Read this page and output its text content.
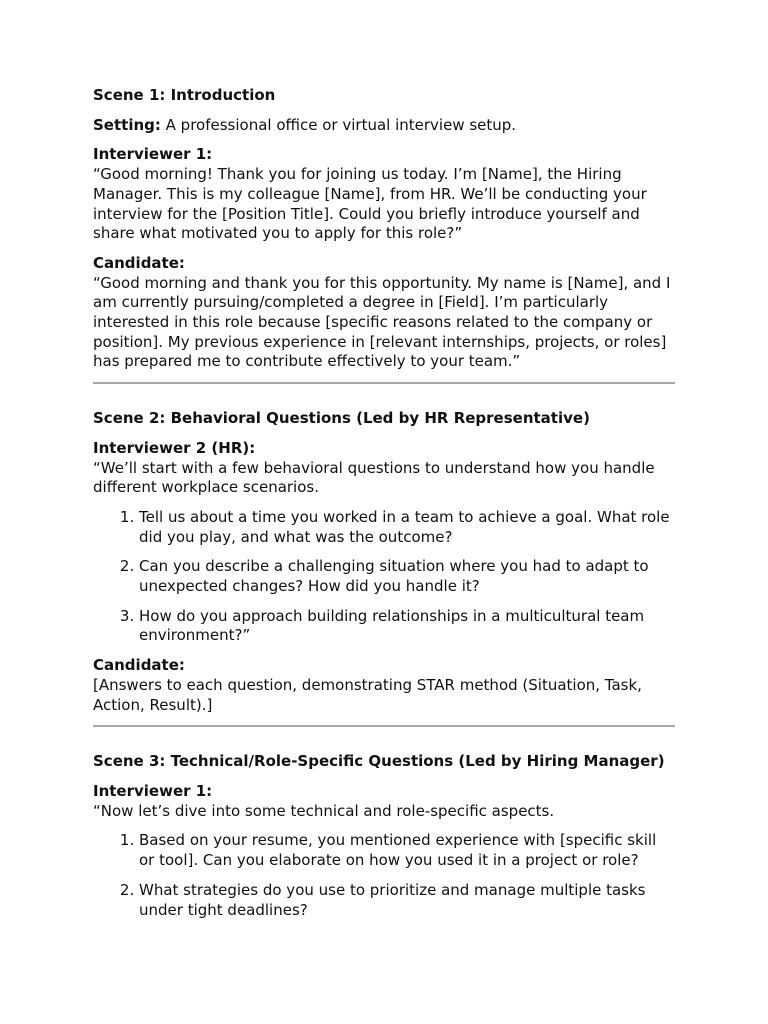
Scene 1: Introduction
Setting: A professional office or virtual interview setup.
Interviewer 1:
“Good morning! Thank you for joining us today. I’m [Name], the Hiring Manager. This is my colleague [Name], from HR. We’ll be conducting your interview for the [Position Title]. Could you briefly introduce yourself and share what motivated you to apply for this role?”
Candidate:
“Good morning and thank you for this opportunity. My name is [Name], and I am currently pursuing/completed a degree in [Field]. I’m particularly interested in this role because [specific reasons related to the company or position]. My previous experience in [relevant internships, projects, or roles] has prepared me to contribute effectively to your team.”
Scene 2: Behavioral Questions (Led by HR Representative)
Interviewer 2 (HR):
“We’ll start with a few behavioral questions to understand how you handle different workplace scenarios.
1. Tell us about a time you worked in a team to achieve a goal. What role did you play, and what was the outcome?
2. Can you describe a challenging situation where you had to adapt to unexpected changes? How did you handle it?
3. How do you approach building relationships in a multicultural team environment?”
Candidate:
[Answers to each question, demonstrating STAR method (Situation, Task, Action, Result).]
Scene 3: Technical/Role-Specific Questions (Led by Hiring Manager)
Interviewer 1:
“Now let’s dive into some technical and role-specific aspects.
1. Based on your resume, you mentioned experience with [specific skill or tool]. Can you elaborate on how you used it in a project or role?
2. What strategies do you use to prioritize and manage multiple tasks under tight deadlines?
